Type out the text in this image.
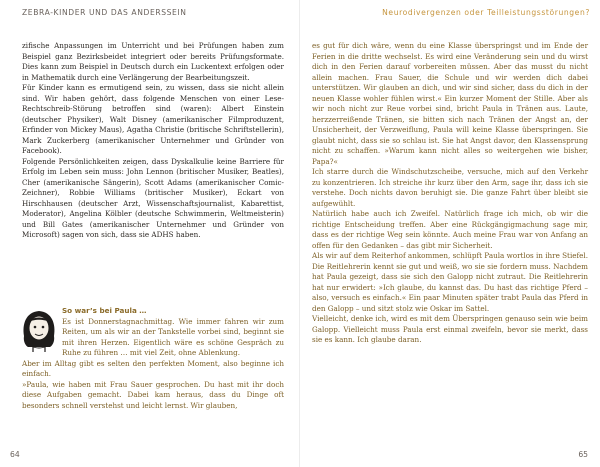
ZEBRA-KINDER UND DAS ANDERSSEIN

zifische Anpassungen im Unterricht und bei Prüfungen haben zum Beispiel ganz Bezirksbeidet integriert oder bereits Prüfungsformate. Dies kann zum Beispiel in Deutsch durch ein Luckentext erfolgen oder in Mathematik durch eine Verlängerung der Bearbeitungszeit.

Für Kinder kann es ermutigend sein, zu wissen, dass sie nicht allein sind. Wir haben gehört, dass folgende Menschen von einer Lese-Rechtschreib-Störung betroffen sind (waren): Albert Einstein (deutscher Physiker), Walt Disney (amerikanischer Filmproduzent, Erfinder von Mickey Maus), Agatha Christie (britische Schriftstellerin), Mark Zuckerberg (amerikanischer Unternehmer und Gründer von Facebook).

Folgende Persönlichkeiten zeigen, dass Dyskalkulie keine Barriere für Erfolg im Leben sein muss: John Lennon (britischer Musiker, Beatles), Cher (amerikanische Sängerin), Scott Adams (amerikanischer Comic-Zeichner), Robbie Williams (britischer Musiker), Eckart von Hirschhausen (deutscher Arzt, Wissenschaftsjournalist, Kabarettist, Moderator), Angelina Kölbler (deutsche Schwimmerin, Weltmeisterin) und Bill Gates (amerikanischer Unternehmer und Gründer von Microsoft) sagen von sich, dass sie ADHS haben.

So war’s bei Paula …

Es ist Donnerstagnachmittag. Wie immer fahren wir zum Reiten, um als wir an der Tankstelle vorbei sind, beginnt sie mit ihren Herzen. Eigentlich wäre es schöne Gespräch zu Ruhe zu führen … mit viel Zeit, ohne Ablenkung.

Aber im Alltag gibt es selten den perfekten Moment, also beginne ich einfach.

»Paula, wie haben mit Frau Sauer gesprochen. Du hast mit ihr doch diese Aufgaben gemacht. Dabei kam heraus, dass du Dinge oft besonders schnell verstehst und leicht lernst. Wir glauben,

64
Neurodivergenzen oder Teilleistungsstörungen?

es gut für dich wäre, wenn du eine Klasse überspringst und im Ende der Ferien in die dritte wechselst. Es wird eine Veränderung sein und du wirst dich in den Ferien darauf vorbereiten müssen. Aber das musst du nicht allein machen. Frau Sauer, die Schule und wir werden dich dabei unterstützen. Wir glauben an dich, und wir sind sicher, dass du dich in der neuen Klasse wohler fühlen wirst.« Ein kurzer Moment der Stille. Aber als wir noch nicht zur Reue vorbei sind, bricht Paula in Tränen aus. Laute, herzzerreißende Tränen, sie bitten sich nach Tränen der Angst an, der Unsicherheit, der Verzweiflung, Paula will keine Klasse überspringen. Sie glaubt nicht, dass sie so schlau ist. Sie hat Angst davor, den Klassensprung nicht zu schaffen. »Warum kann nicht alles so weitergehen wie bisher, Papa?«

Ich starre durch die Windschutzscheibe, versuche, mich auf den Verkehr zu konzentrieren. Ich streiche ihr kurz über den Arm, sage ihr, dass ich sie verstehe. Doch nichts davon beruhigt sie. Die ganze Fahrt über bleibt sie aufgewühlt.

Natürlich habe auch ich Zweifel. Natürlich frage ich mich, ob wir die richtige Entscheidung treffen. Aber eine Rückgängigmachung sage mir, dass es der richtige Weg sein könnte. Auch meine Frau war von Anfang an offen für den Gedanken – das gibt mir Sicherheit.

Als wir auf dem Reiterhof ankommen, schlüpft Paula wortlos in ihre Stiefel. Die Reitlehrerin kennt sie gut und weiß, wo sie sie fordern muss. Nachdem hat Paula gezeigt, dass sie sich den Galopp nicht zutraut. Die Reitlehrerin hat nur erwidert: »Ich glaube, du kannst das. Du hast das richtige Pferd – also, versuch es einfach.« Ein paar Minuten später trabt Paula das Pferd in den Galopp – und sitzt stolz wie Oskar im Sattel.

Vielleicht, denke ich, wird es mit dem Überspringen genauso sein wie beim Galopp. Vielleicht muss Paula erst einmal zweifeln, bevor sie merkt, dass sie es kann. Ich glaube daran.

65
